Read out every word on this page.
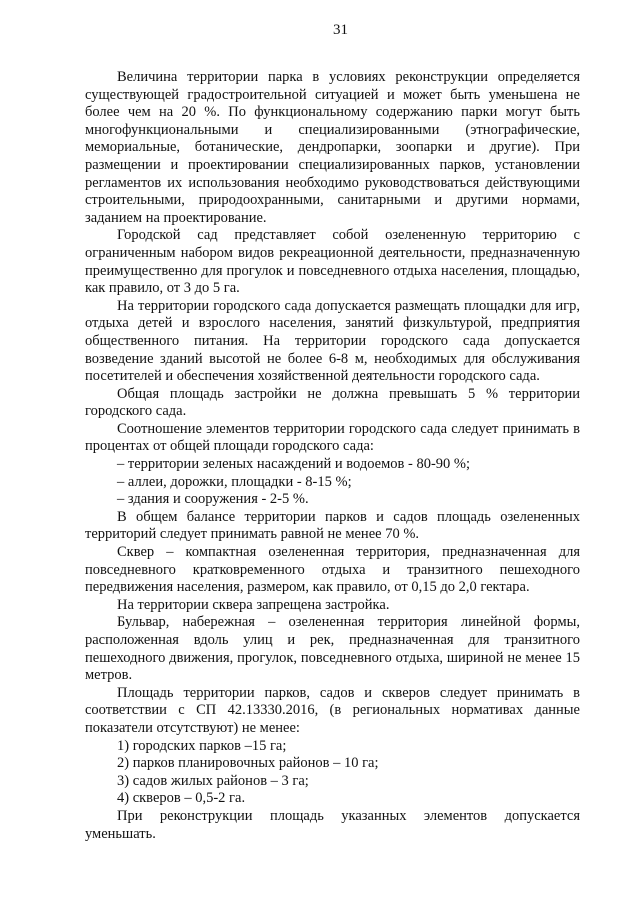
31

Величина территории парка в условиях реконструкции определяется существующей градостроительной ситуацией и может быть уменьшена не более чем на 20 %. По функциональному содержанию парки могут быть многофункциональными и специализированными (этнографические, мемориальные, ботанические, дендропарки, зоопарки и другие). При размещении и проектировании специализированных парков, установлении регламентов их использования необходимо руководствоваться действующими строительными, природоохранными, санитарными и другими нормами, заданием на проектирование.

Городской сад представляет собой озелененную территорию с ограниченным набором видов рекреационной деятельности, предназначенную преимущественно для прогулок и повседневного отдыха населения, площадью, как правило, от 3 до 5 га.

На территории городского сада допускается размещать площадки для игр, отдыха детей и взрослого населения, занятий физкультурой, предприятия общественного питания. На территории городского сада допускается возведение зданий высотой не более 6-8 м, необходимых для обслуживания посетителей и обеспечения хозяйственной деятельности городского сада.

Общая площадь застройки не должна превышать 5 % территории городского сада.

Соотношение элементов территории городского сада следует принимать в процентах от общей площади городского сада:

– территории зеленых насаждений и водоемов - 80-90 %;

– аллеи, дорожки, площадки - 8-15 %;

– здания и сооружения - 2-5 %.

В общем балансе территории парков и садов площадь озелененных территорий следует принимать равной не менее 70 %.

Сквер – компактная озелененная территория, предназначенная для повседневного кратковременного отдыха и транзитного пешеходного передвижения населения, размером, как правило, от 0,15 до 2,0 гектара.

На территории сквера запрещена застройка.

Бульвар, набережная – озелененная территория линейной формы, расположенная вдоль улиц и рек, предназначенная для транзитного пешеходного движения, прогулок, повседневного отдыха, шириной не менее 15 метров.

Площадь территории парков, садов и скверов следует принимать в соответствии с СП 42.13330.2016, (в региональных нормативах данные показатели отсутствуют) не менее:

1) городских парков –15 га;

2) парков планировочных районов – 10 га;

3) садов жилых районов – 3 га;

4) скверов – 0,5-2 га.

При реконструкции площадь указанных элементов допускается уменьшать.
